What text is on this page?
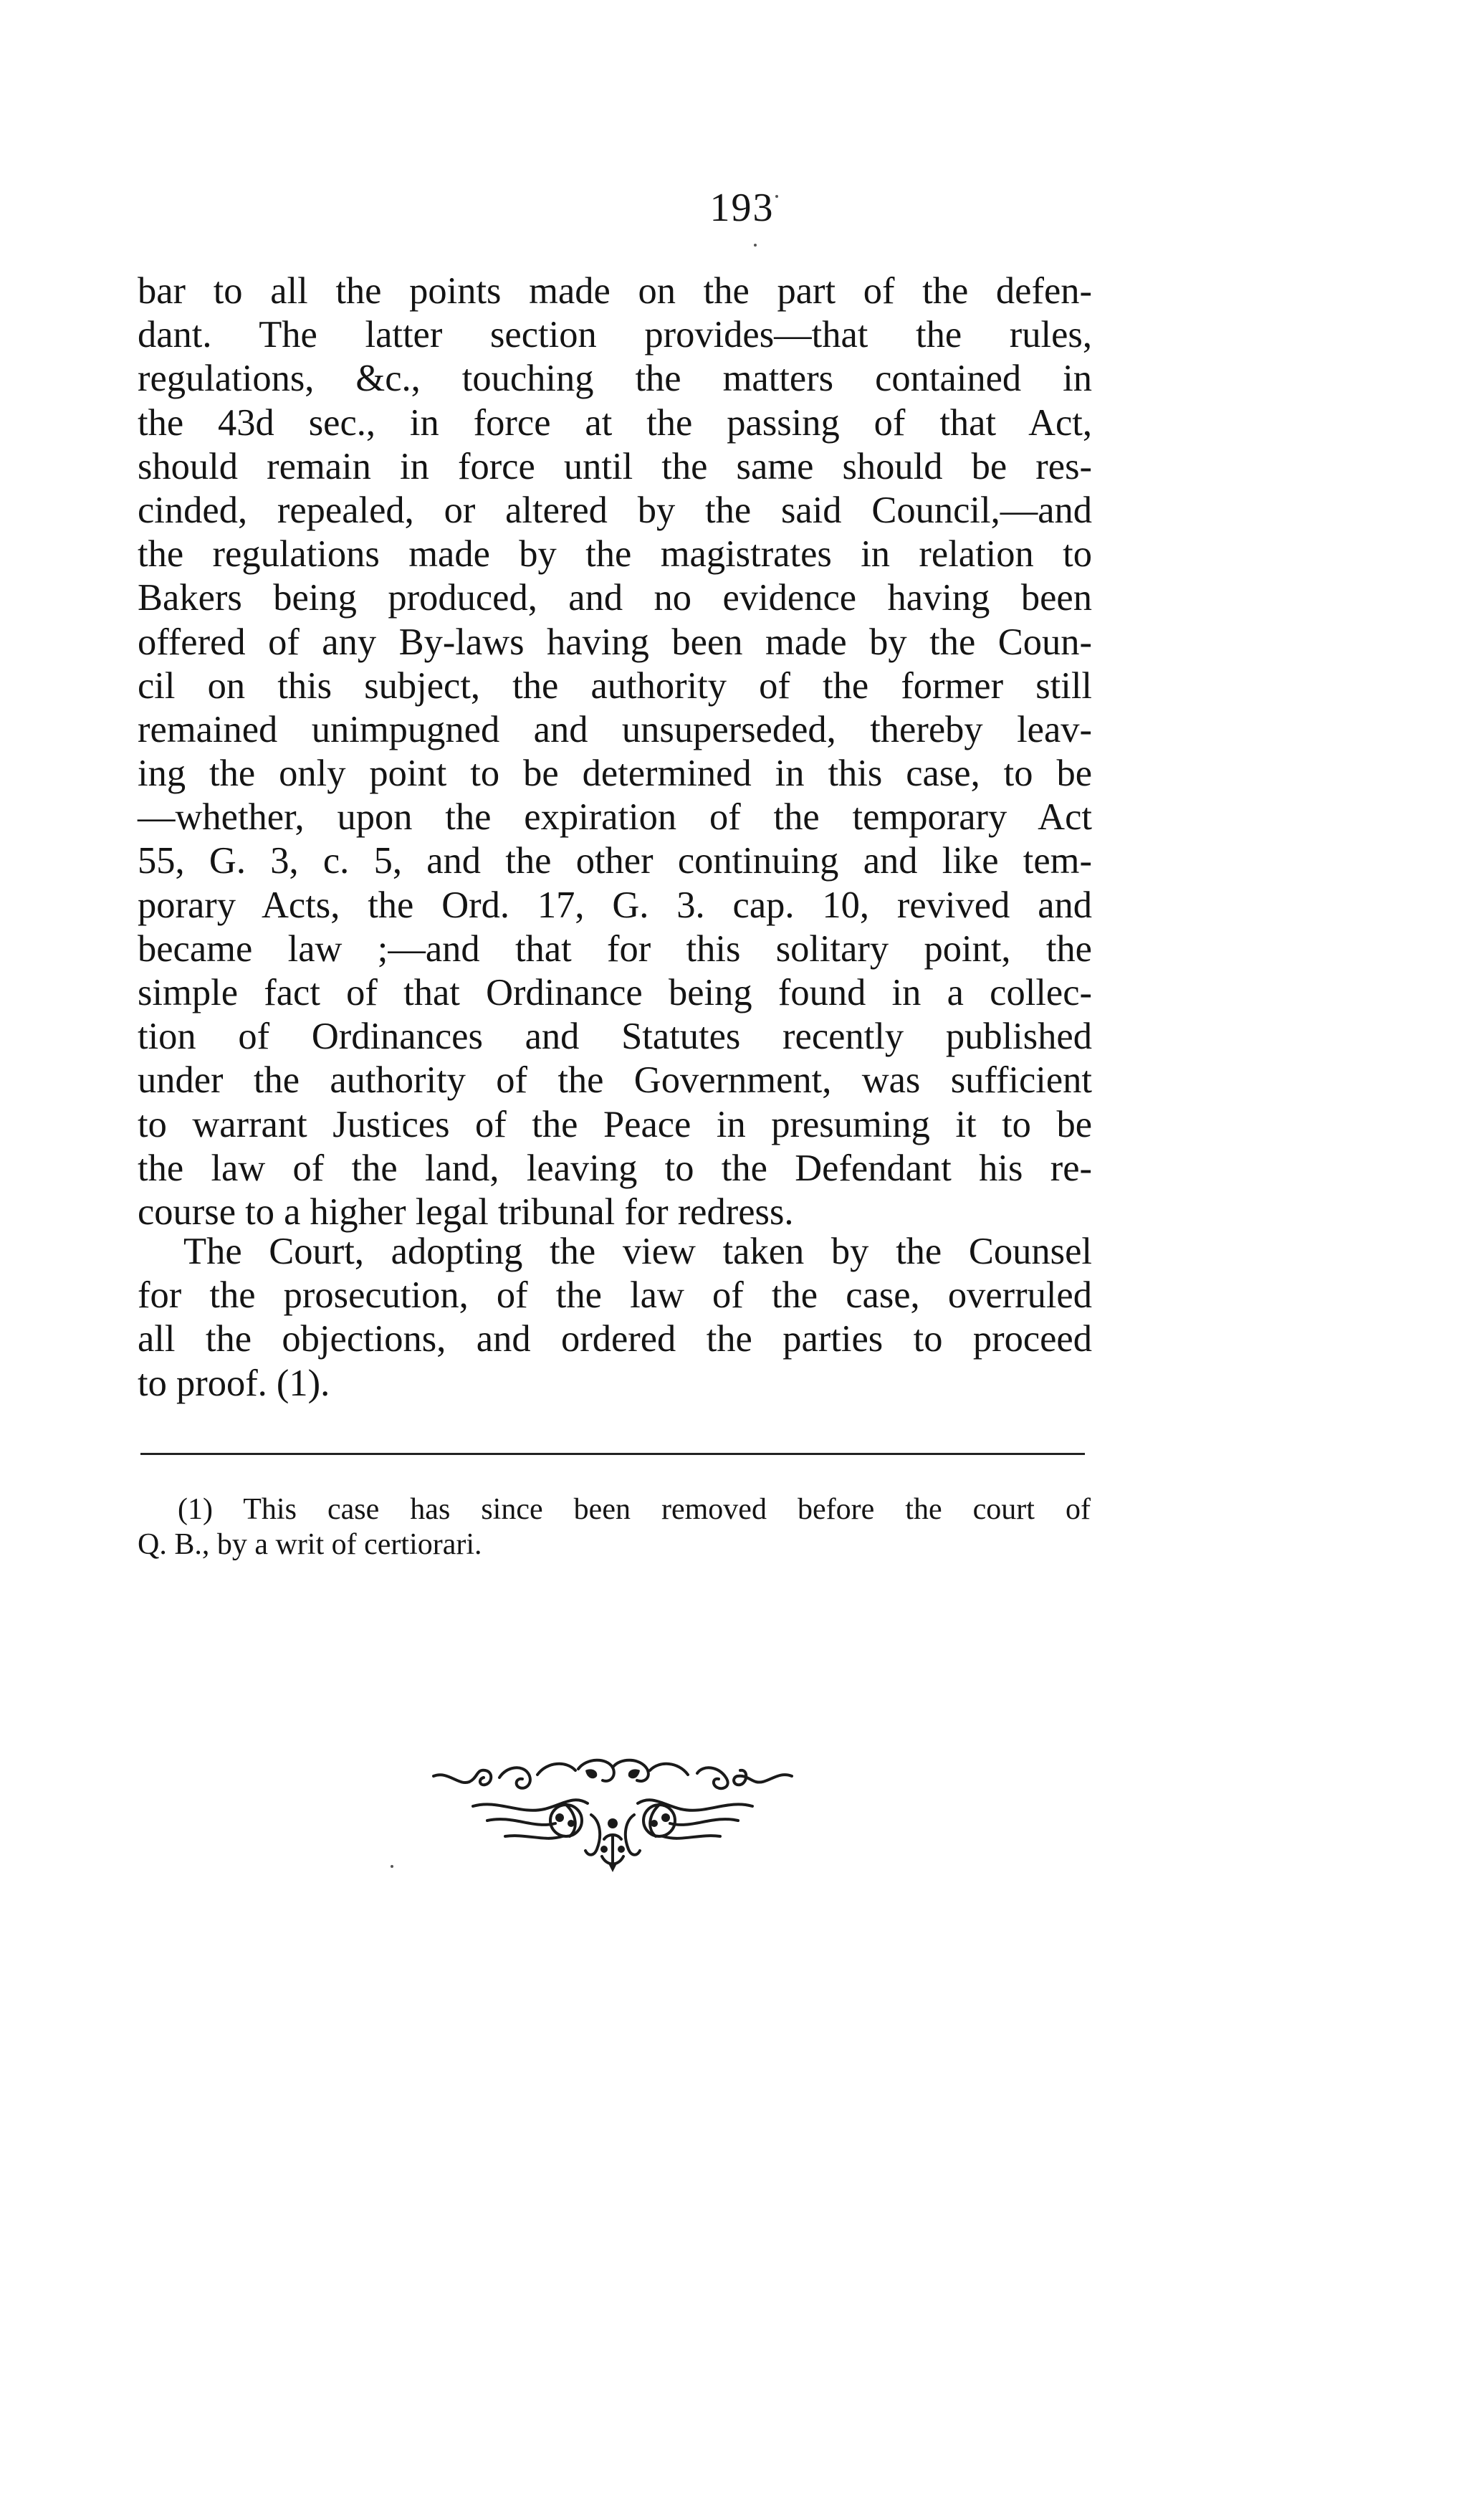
193
bar to all the points made on the part of the defen-
dant. The latter section provides—that the rules,
regulations, &c., touching the matters contained in
the 43d sec., in force at the passing of that Act,
should remain in force until the same should be res-
cinded, repealed, or altered by the said Council,—and
the regulations made by the magistrates in relation to
Bakers being produced, and no evidence having been
offered of any By-laws having been made by the Coun-
cil on this subject, the authority of the former still
remained unimpugned and unsuperseded, thereby leav-
ing the only point to be determined in this case, to be
—whether, upon the expiration of the temporary Act
55, G. 3, c. 5, and the other continuing and like tem-
porary Acts, the Ord. 17, G. 3. cap. 10, revived and
became law ;—and that for this solitary point, the
simple fact of that Ordinance being found in a collec-
tion of Ordinances and Statutes recently published
under the authority of the Government, was sufficient
to warrant Justices of the Peace in presuming it to be
the law of the land, leaving to the Defendant his re-
course to a higher legal tribunal for redress.
The Court, adopting the view taken by the Counsel
for the prosecution, of the law of the case, overruled
all the objections, and ordered the parties to proceed
to proof. (1).
(1) This case has since been removed before the court of
Q. B., by a writ of certiorari.
